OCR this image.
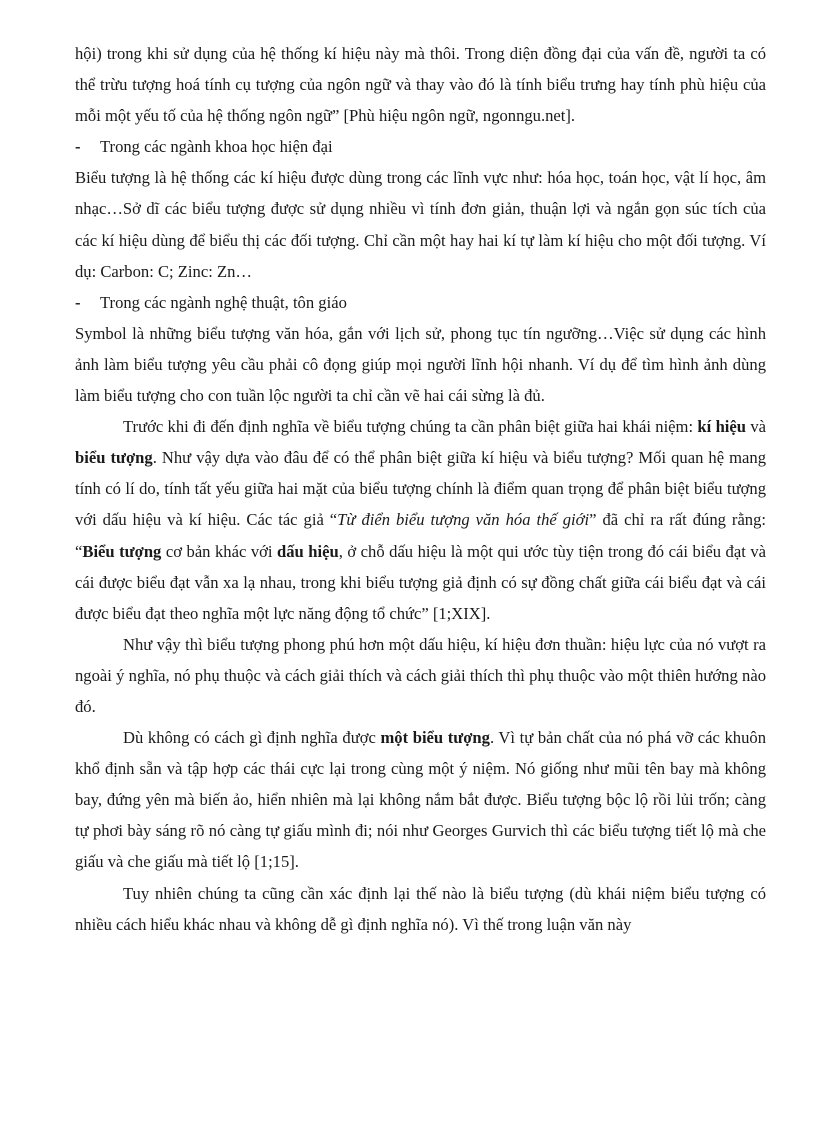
hội) trong khi sử dụng của hệ thống kí hiệu này mà thôi. Trong diện đồng đại của vấn đề, người ta có thể trừu tượng hoá tính cụ tượng của ngôn ngữ và thay vào đó là tính biểu trưng hay tính phù hiệu của mỗi một yếu tố của hệ thống ngôn ngữ” [Phù hiệu ngôn ngữ, ngonngu.net].

-	Trong các ngành khoa học hiện đại

Biểu tượng là hệ thống các kí hiệu được dùng trong các lĩnh vực như: hóa học, toán học, vật lí học, âm nhạc…Sở dĩ các biểu tượng được sử dụng nhiều vì tính đơn giản, thuận lợi và ngắn gọn súc tích của các kí hiệu dùng để biểu thị các đối tượng. Chỉ cần một hay hai kí tự làm kí hiệu cho một đối tượng. Ví dụ: Carbon: C; Zinc: Zn…

-	Trong các ngành nghệ thuật, tôn giáo

Symbol là những biểu tượng văn hóa, gắn với lịch sử, phong tục tín ngưỡng…Việc sử dụng các hình ảnh làm biểu tượng yêu cầu phải cô đọng giúp mọi người lĩnh hội nhanh. Ví dụ để tìm hình ảnh dùng làm biểu tượng cho con tuần lộc người ta chỉ cần vẽ hai cái sừng là đủ.

Trước khi đi đến định nghĩa về biểu tượng chúng ta cần phân biệt giữa hai khái niệm: kí hiệu và biểu tượng. Như vậy dựa vào đâu để có thể phân biệt giữa kí hiệu và biểu tượng? Mối quan hệ mang tính có lí do, tính tất yếu giữa hai mặt của biểu tượng chính là điểm quan trọng để phân biệt biểu tượng với dấu hiệu và kí hiệu. Các tác giả “Từ điển biểu tượng văn hóa thế giới” đã chỉ ra rất đúng rằng: “Biểu tượng cơ bản khác với dấu hiệu, ở chỗ dấu hiệu là một qui ước tùy tiện trong đó cái biểu đạt và cái được biểu đạt vẫn xa lạ nhau, trong khi biểu tượng giả định có sự đồng chất giữa cái biểu đạt và cái được biểu đạt theo nghĩa một lực năng động tổ chức” [1;XIX].

Như vậy thì biểu tượng phong phú hơn một dấu hiệu, kí hiệu đơn thuần: hiệu lực của nó vượt ra ngoài ý nghĩa, nó phụ thuộc và cách giải thích và cách giải thích thì phụ thuộc vào một thiên hướng nào đó.

Dù không có cách gì định nghĩa được một biểu tượng. Vì tự bản chất của nó phá vỡ các khuôn khổ định sẵn và tập hợp các thái cực lại trong cùng một ý niệm. Nó giống như mũi tên bay mà không bay, đứng yên mà biến ảo, hiển nhiên mà lại không nắm bắt được. Biểu tượng bộc lộ rồi lủi trốn; càng tự phơi bày sáng rõ nó càng tự giấu mình đi; nói như Georges Gurvich thì các biểu tượng tiết lộ mà che giấu và che giấu mà tiết lộ [1;15].

Tuy nhiên chúng ta cũng cần xác định lại thế nào là biểu tượng (dù khái niệm biểu tượng có nhiều cách hiểu khác nhau và không dễ gì định nghĩa nó). Vì thế trong luận văn này
